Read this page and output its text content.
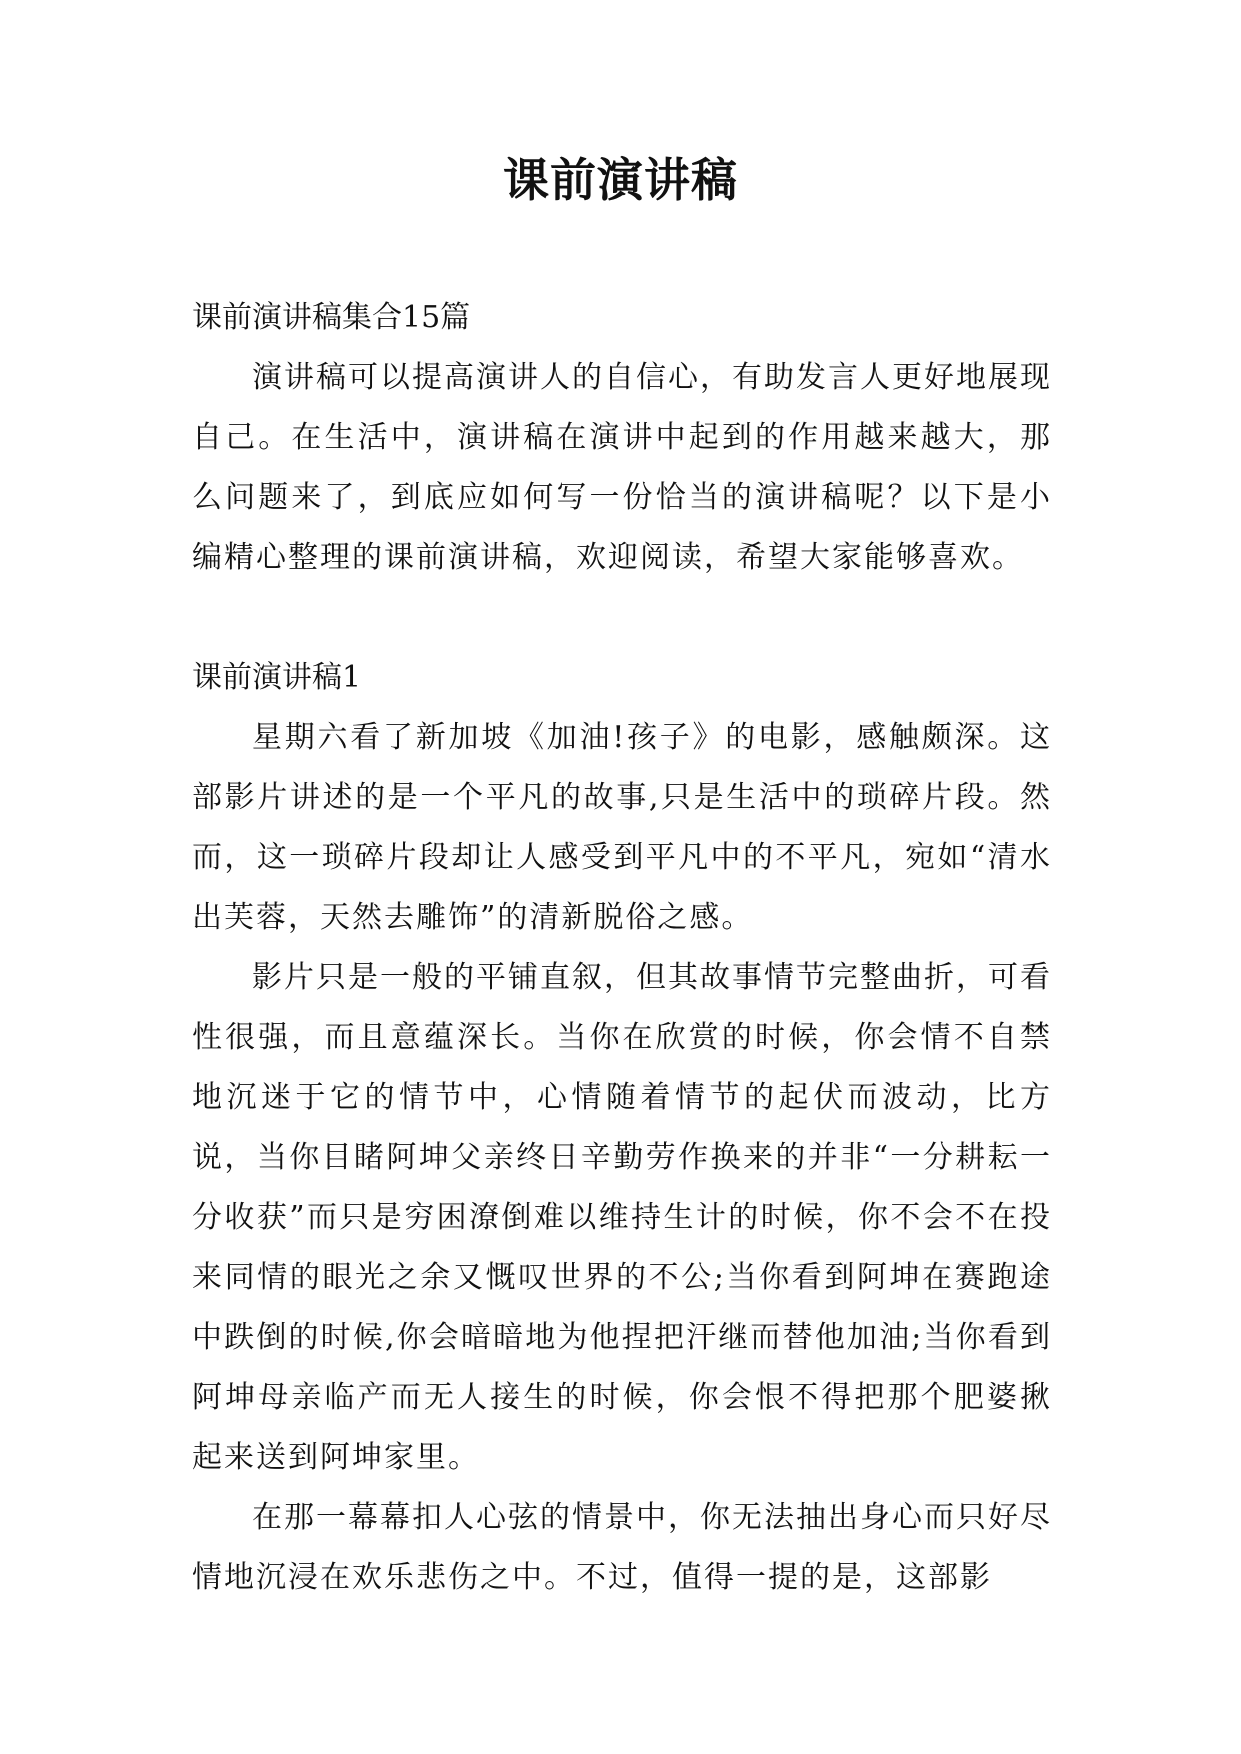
课前演讲稿

课前演讲稿集合15篇

演讲稿可以提高演讲人的自信心，有助发言人更好地展现自己。在生活中，演讲稿在演讲中起到的作用越来越大，那么问题来了，到底应如何写一份恰当的演讲稿呢？以下是小编精心整理的课前演讲稿，欢迎阅读，希望大家能够喜欢。

课前演讲稿1

星期六看了新加坡《加油!孩子》的电影，感触颇深。这部影片讲述的是一个平凡的故事,只是生活中的琐碎片段。然而，这一琐碎片段却让人感受到平凡中的不平凡，宛如“清水出芙蓉，天然去雕饰”的清新脱俗之感。

影片只是一般的平铺直叙，但其故事情节完整曲折，可看性很强，而且意蕴深长。当你在欣赏的时候，你会情不自禁地沉迷于它的情节中，心情随着情节的起伏而波动，比方说，当你目睹阿坤父亲终日辛勤劳作换来的并非“一分耕耘一分收获”而只是穷困潦倒难以维持生计的时候，你不会不在投来同情的眼光之余又慨叹世界的不公;当你看到阿坤在赛跑途中跌倒的时候,你会暗暗地为他捏把汗继而替他加油;当你看到阿坤母亲临产而无人接生的时候，你会恨不得把那个肥婆揪起来送到阿坤家里。

在那一幕幕扣人心弦的情景中，你无法抽出身心而只好尽情地沉浸在欢乐悲伤之中。不过，值得一提的是，这部影
